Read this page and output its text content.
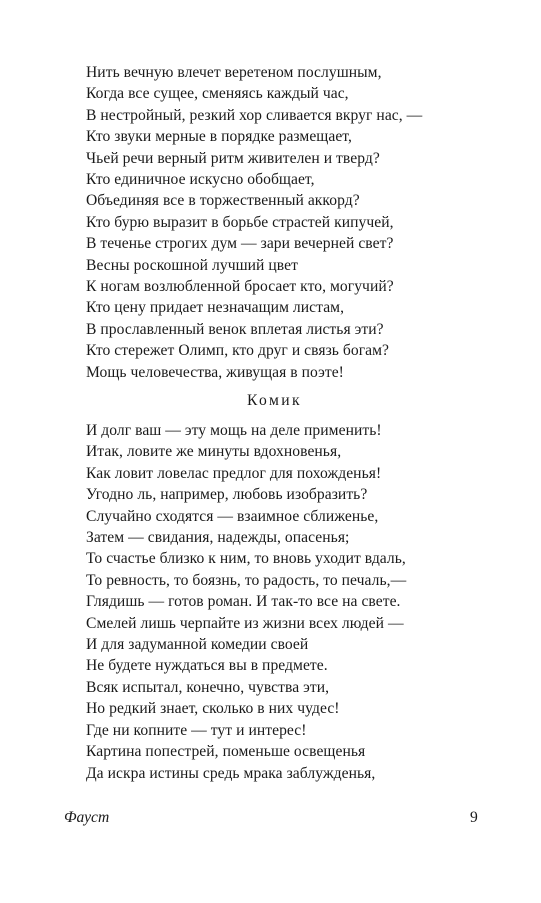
Нить вечную влечет веретеном послушным,
Когда все сущее, сменяясь каждый час,
В нестройный, резкий хор сливается вкруг нас, —
Кто звуки мерные в порядке размещает,
Чьей речи верный ритм живителен и тверд?
Кто единичное искусно обобщает,
Объединяя все в торжественный аккорд?
Кто бурю выразит в борьбе страстей кипучей,
В теченье строгих дум — зари вечерней свет?
Весны роскошной лучший цвет
К ногам возлюбленной бросает кто, могучий?
Кто цену придает незначащим листам,
В прославленный венок вплетая листья эти?
Кто стережет Олимп, кто друг и связь богам?
Мощь человечества, живущая в поэте!
Комик
И долг ваш — эту мощь на деле применить!
Итак, ловите же минуты вдохновенья,
Как ловит ловелас предлог для похожденья!
Угодно ль, например, любовь изобразить?
Случайно сходятся — взаимное сближенье,
Затем — свидания, надежды, опасенья;
То счастье близко к ним, то вновь уходит вдаль,
То ревность, то боязнь, то радость, то печаль,—
Глядишь — готов роман. И так-то все на свете.
Смелей лишь черпайте из жизни всех людей —
И для задуманной комедии своей
Не будете нуждаться вы в предмете.
Всяк испытал, конечно, чувства эти,
Но редкий знает, сколько в них чудес!
Где ни копните — тут и интерес!
Картина попестрей, поменьше освещенья
Да искра истины средь мрака заблужденья,
Фауст	9
